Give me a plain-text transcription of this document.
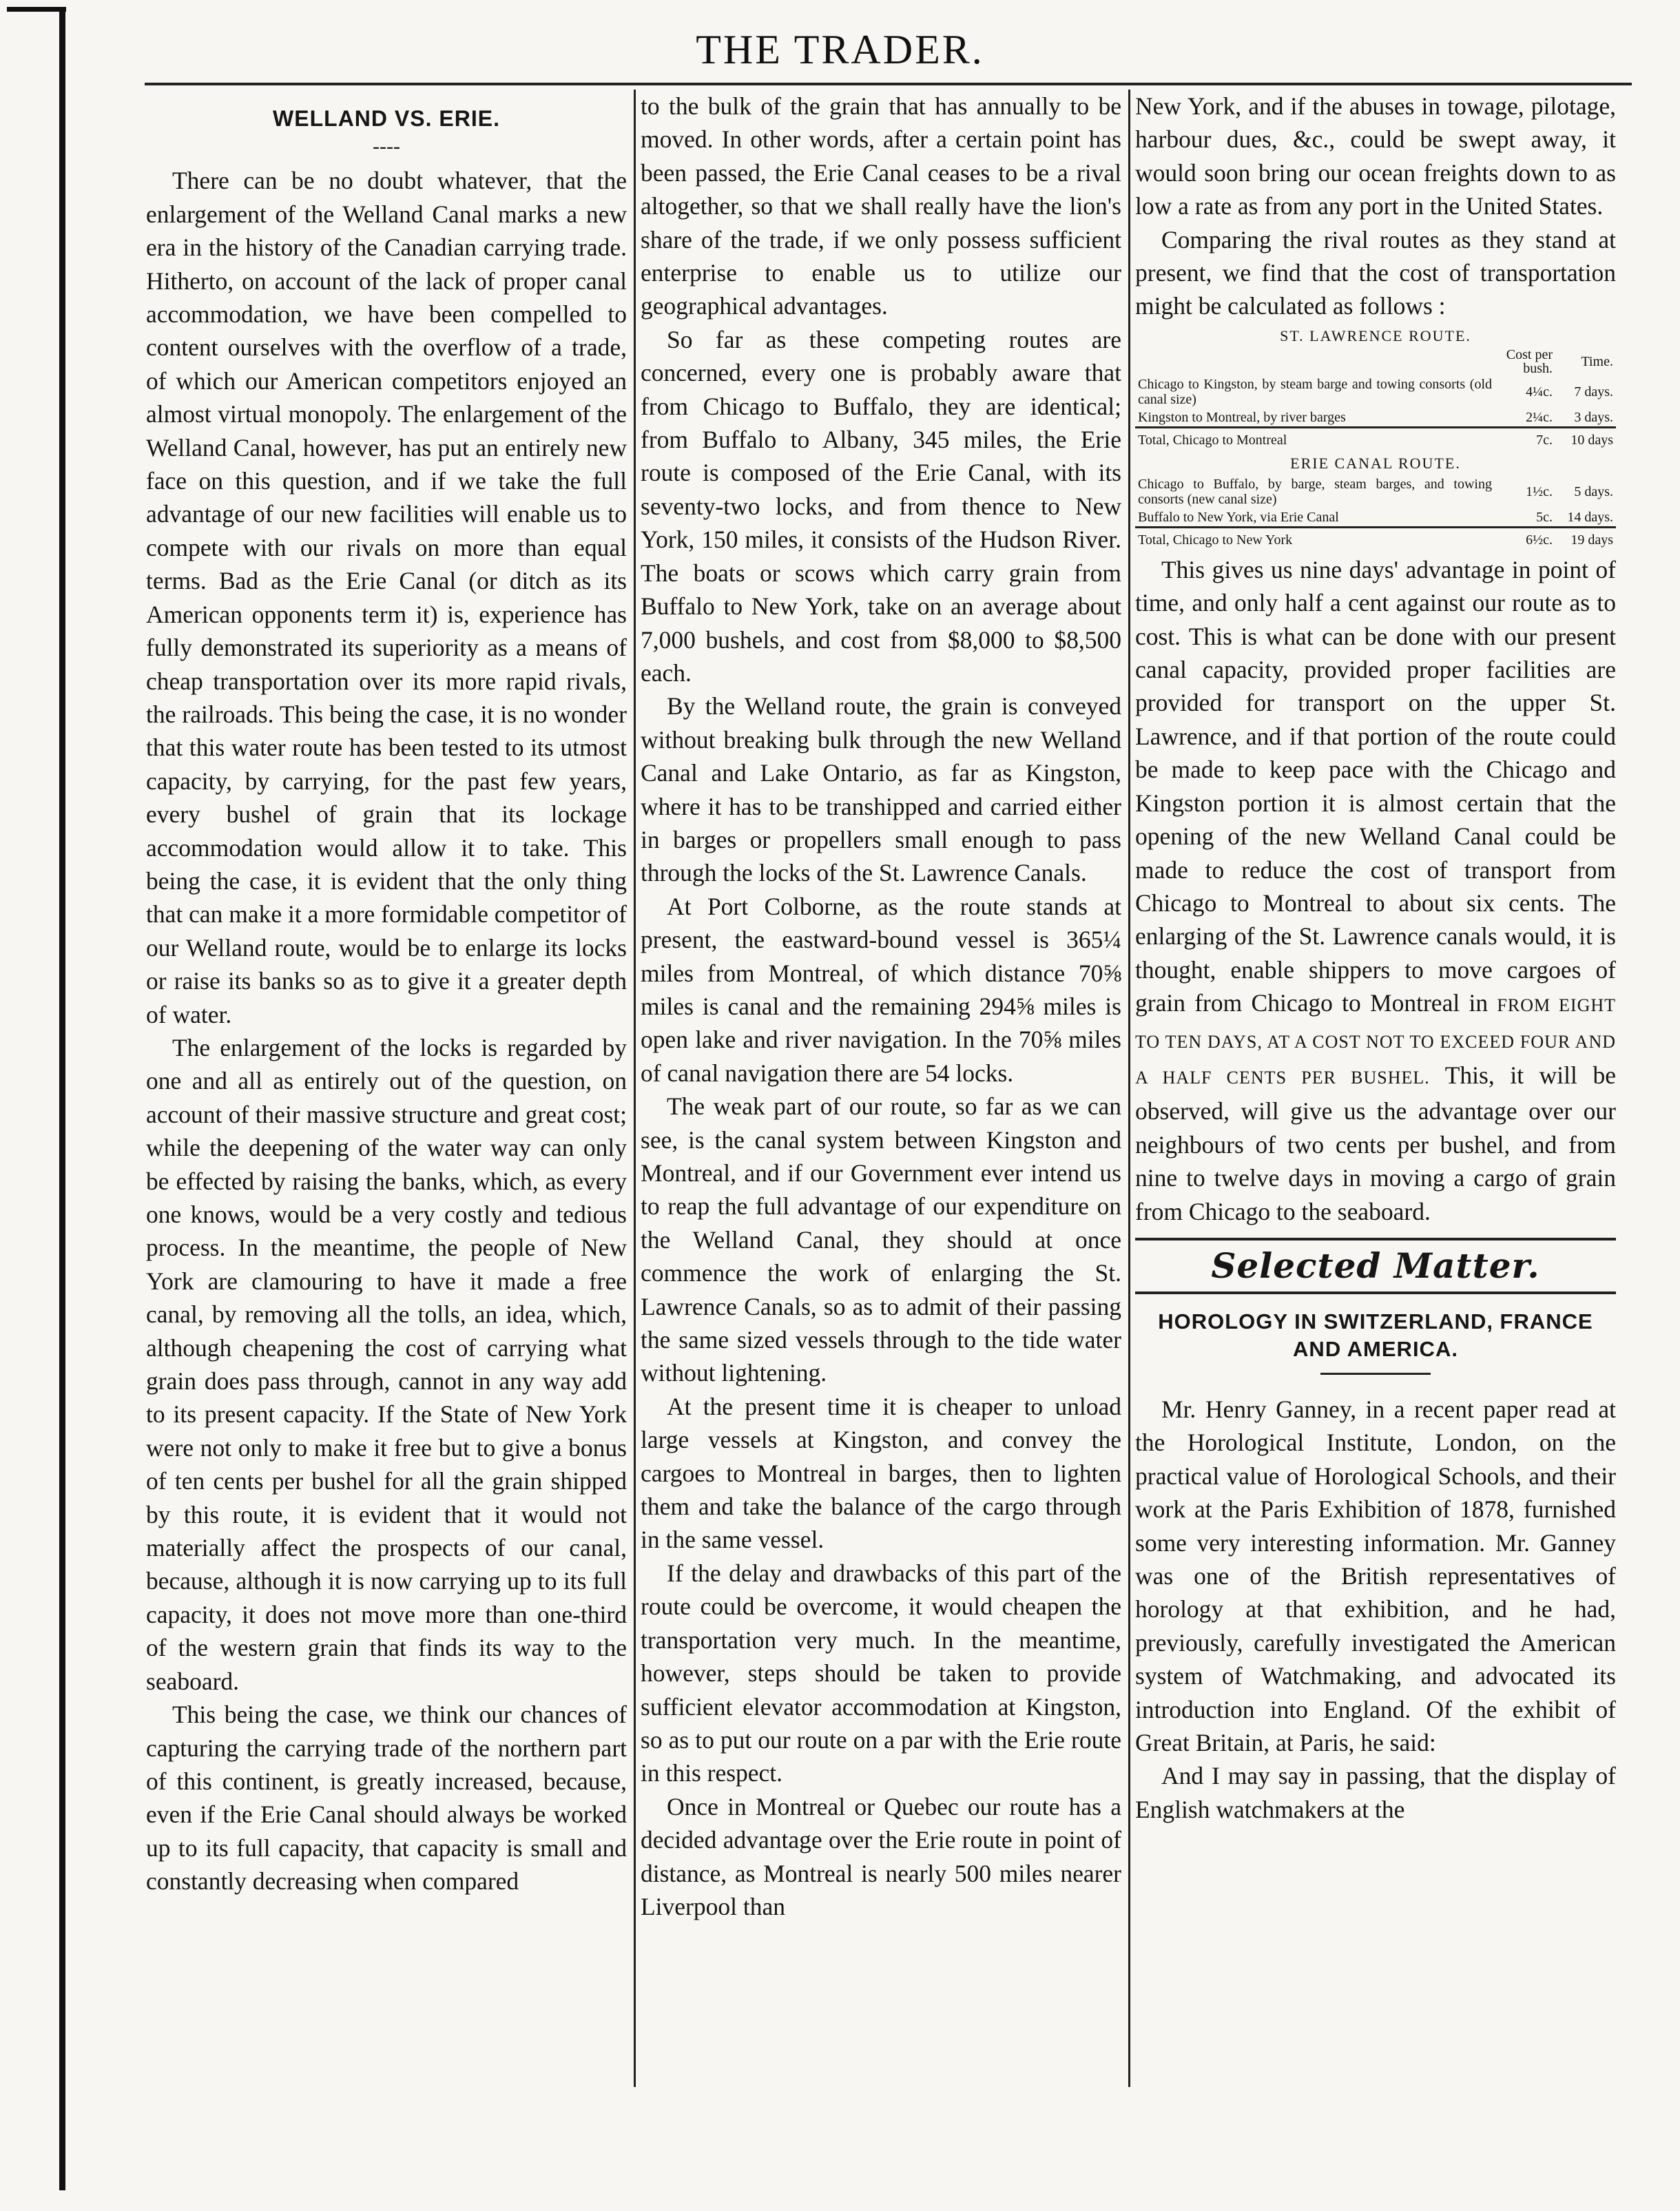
THE TRADER.
WELLAND VS. ERIE.
----

There can be no doubt whatever, that the enlargement of the Welland Canal marks a new era in the history of the Canadian carrying trade. Hitherto, on account of the lack of proper canal accommodation, we have been compelled to content ourselves with the overflow of a trade, of which our American competitors enjoyed an almost virtual monopoly. The enlargement of the Welland Canal, however, has put an entirely new face on this question, and if we take the full advantage of our new facilities will enable us to compete with our rivals on more than equal terms. Bad as the Erie Canal (or ditch as its American opponents term it) is, experience has fully demonstrated its superiority as a means of cheap transportation over its more rapid rivals, the railroads. This being the case, it is no wonder that this water route has been tested to its utmost capacity, by carrying, for the past few years, every bushel of grain that its lockage accommodation would allow it to take. This being the case, it is evident that the only thing that can make it a more formidable competitor of our Welland route, would be to enlarge its locks or raise its banks so as to give it a greater depth of water.

The enlargement of the locks is regarded by one and all as entirely out of the question, on account of their massive structure and great cost; while the deepening of the water way can only be effected by raising the banks, which, as every one knows, would be a very costly and tedious process. In the meantime, the people of New York are clamouring to have it made a free canal, by removing all the tolls, an idea, which, although cheapening the cost of carrying what grain does pass through, cannot in any way add to its present capacity. If the State of New York were not only to make it free but to give a bonus of ten cents per bushel for all the grain shipped by this route, it is evident that it would not materially affect the prospects of our canal, because, although it is now carrying up to its full capacity, it does not move more than one-third of the western grain that finds its way to the seaboard.

This being the case, we think our chances of capturing the carrying trade of the northern part of this continent, is greatly increased, because, even if the Erie Canal should always be worked up to its full capacity, that capacity is small and constantly decreasing when compared

to the bulk of the grain that has annually to be moved. In other words, after a certain point has been passed, the Erie Canal ceases to be a rival altogether, so that we shall really have the lion's share of the trade, if we only possess sufficient enterprise to enable us to utilize our geographical advantages.

So far as these competing routes are concerned, every one is probably aware that from Chicago to Buffalo, they are identical; from Buffalo to Albany, 345 miles, the Erie route is composed of the Erie Canal, with its seventy-two locks, and from thence to New York, 150 miles, it consists of the Hudson River. The boats or scows which carry grain from Buffalo to New York, take on an average about 7,000 bushels, and cost from $8,000 to $8,500 each.

By the Welland route, the grain is conveyed without breaking bulk through the new Welland Canal and Lake Ontario, as far as Kingston, where it has to be transhipped and carried either in barges or propellers small enough to pass through the locks of the St. Lawrence Canals.

At Port Colborne, as the route stands at present, the eastward-bound vessel is 365¼ miles from Montreal, of which distance 70⅝ miles is canal and the remaining 294⅝ miles is open lake and river navigation. In the 70⅝ miles of canal navigation there are 54 locks.

The weak part of our route, so far as we can see, is the canal system between Kingston and Montreal, and if our Government ever intend us to reap the full advantage of our expenditure on the Welland Canal, they should at once commence the work of enlarging the St. Lawrence Canals, so as to admit of their passing the same sized vessels through to the tide water without lightening.

At the present time it is cheaper to unload large vessels at Kingston, and convey the cargoes to Montreal in barges, then to lighten them and take the balance of the cargo through in the same vessel.

If the delay and drawbacks of this part of the route could be overcome, it would cheapen the transportation very much. In the meantime, however, steps should be taken to provide sufficient elevator accommodation at Kingston, so as to put our route on a par with the Erie route in this respect.

Once in Montreal or Quebec our route has a decided advantage over the Erie route in point of distance, as Montreal is nearly 500 miles nearer Liverpool than

New York, and if the abuses in towage, pilotage, harbour dues, &c., could be swept away, it would soon bring our ocean freights down to as low a rate as from any port in the United States.

Comparing the rival routes as they stand at present, we find that the cost of transportation might be calculated as follows :

ST. LAWRENCE ROUTE.
	Cost per bush.	Time.
Chicago to Kingston, by steam barge and towing consorts (old canal size)	4¼c.	7 days.
Kingston to Montreal, by river barges	2¼c.	3 days.
Total, Chicago to Montreal	7c.	10 days
ERIE CANAL ROUTE.
Chicago to Buffalo, by barge, steam barges, and towing consorts (new canal size)	1½c.	5 days.
Buffalo to New York, via Erie Canal	5c.	14 days.
Total, Chicago to New York	6½c.	19 days

This gives us nine days' advantage in point of time, and only half a cent against our route as to cost. This is what can be done with our present canal capacity, provided proper facilities are provided for transport on the upper St. Lawrence, and if that portion of the route could be made to keep pace with the Chicago and Kingston portion it is almost certain that the opening of the new Welland Canal could be made to reduce the cost of transport from Chicago to Montreal to about six cents. The enlarging of the St. Lawrence canals would, it is thought, enable shippers to move cargoes of grain from Chicago to Montreal in FROM EIGHT TO TEN DAYS, AT A COST NOT TO EXCEED FOUR AND A HALF CENTS PER BUSHEL. This, it will be observed, will give us the advantage over our neighbours of two cents per bushel, and from nine to twelve days in moving a cargo of grain from Chicago to the seaboard.

Selected Matter.
HOROLOGY IN SWITZERLAND, FRANCE AND AMERICA.

Mr. Henry Ganney, in a recent paper read at the Horological Institute, London, on the practical value of Horological Schools, and their work at the Paris Exhibition of 1878, furnished some very interesting information. Mr. Ganney was one of the British representatives of horology at that exhibition, and he had, previously, carefully investigated the American system of Watchmaking, and advocated its introduction into England. Of the exhibit of Great Britain, at Paris, he said:

And I may say in passing, that the display of English watchmakers at the
